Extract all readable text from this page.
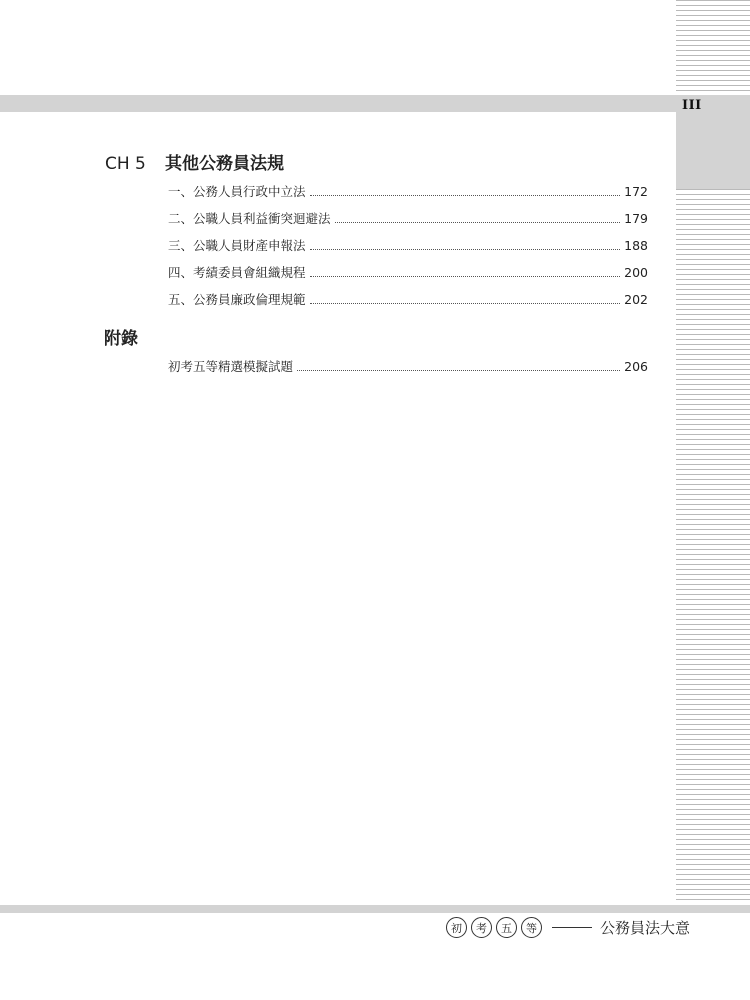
III
CH 5 其他公務員法規
一、公務人員行政中立法	172
二、公職人員利益衝突迴避法	179
三、公職人員財產申報法	188
四、考績委員會組織規程	200
五、公務員廉政倫理規範	202
附錄
初考五等精選模擬試題	206
初	考	五	等	公務員法大意
